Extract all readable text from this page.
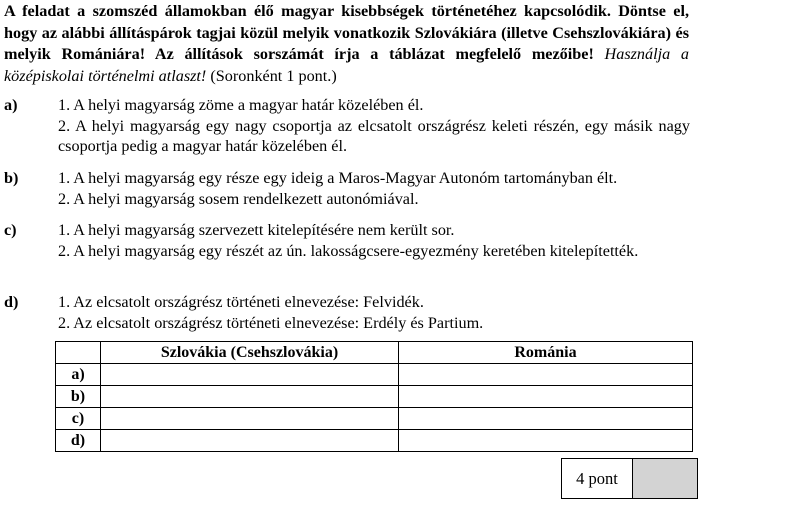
A feladat a szomszéd államokban élő magyar kisebbségek történetéhez kapcsolódik. Döntse el, hogy az alábbi állításpárok tagjai közül melyik vonatkozik Szlovákiára (illetve Csehszlovákiára) és melyik Romániára! Az állítások sorszámát írja a táblázat megfelelő mezőibe! Használja a középiskolai történelmi atlaszt! (Soronként 1 pont.)
a)	1. A helyi magyarság zöme a magyar határ közelében él.
2. A helyi magyarság egy nagy csoportja az elcsatolt országrész keleti részén, egy másik nagy csoportja pedig a magyar határ közelében él.
b) 1. A helyi magyarság egy része egy ideig a Maros-Magyar Autonóm tartományban élt.
2. A helyi magyarság sosem rendelkezett autonómiával.
c)	1. A helyi magyarság szervezett kitelepítésére nem került sor.
2. A helyi magyarság egy részét az ún. lakosságcsere-egyezmény keretében kitelepítették.
d) 1. Az elcsatolt országrész történeti elnevezése: Felvidék.
2. Az elcsatolt országrész történeti elnevezése: Erdély és Partium.
	Szlovákia (Csehszlovákia)	Románia
a)		
b)		
c)		
d)		
4 pont
